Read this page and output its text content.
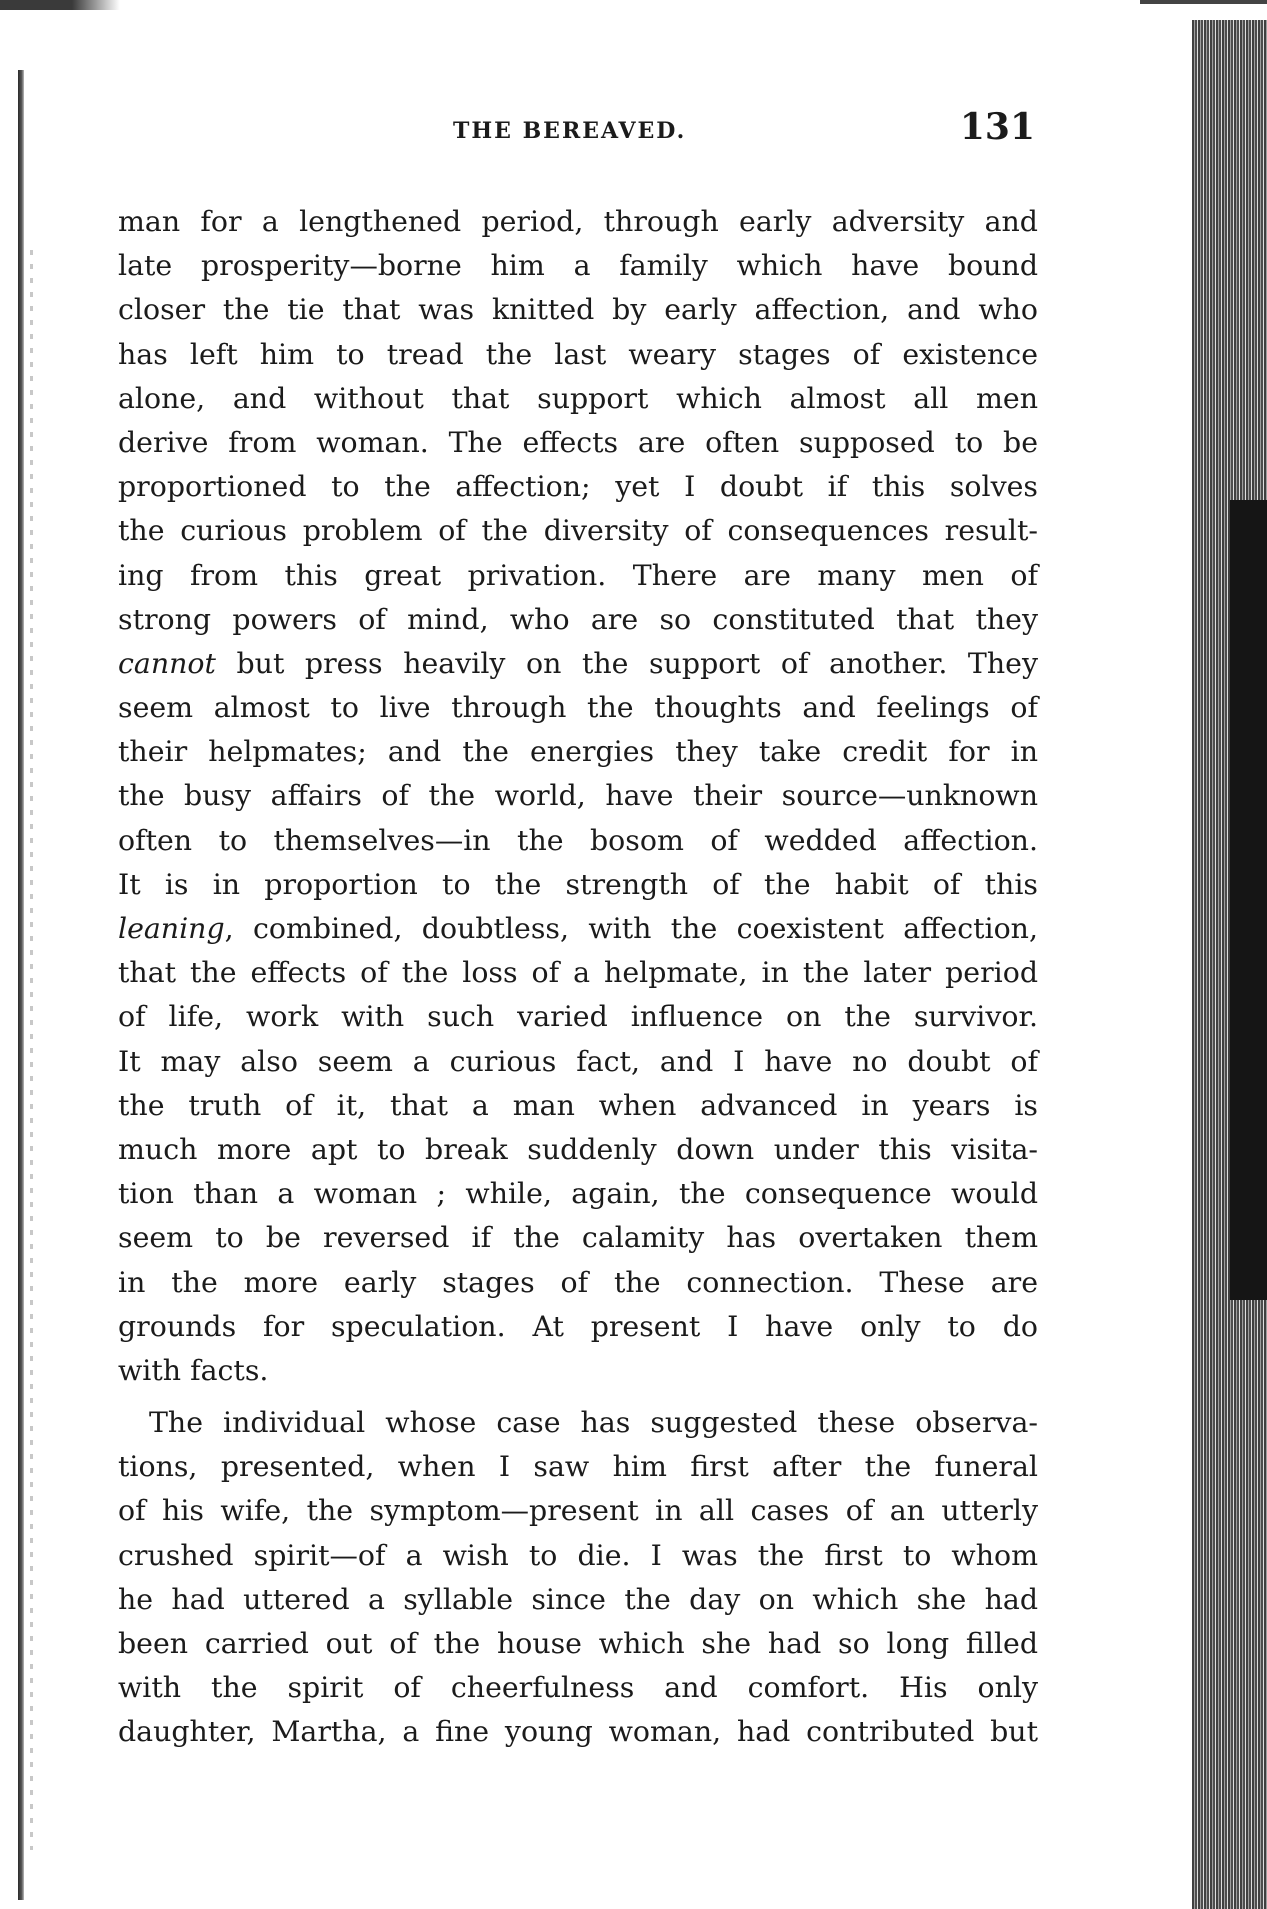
THE BEREAVED.	131
man for a lengthened period, through early adversity and
late prosperity—borne him a family which have bound
closer the tie that was knitted by early affection, and who
has left him to tread the last weary stages of existence
alone, and without that support which almost all men
derive from woman. The effects are often supposed to be
proportioned to the affection; yet I doubt if this solves
the curious problem of the diversity of consequences result-
ing from this great privation. There are many men of
strong powers of mind, who are so constituted that they
cannot but press heavily on the support of another. They
seem almost to live through the thoughts and feelings of
their helpmates; and the energies they take credit for in
the busy affairs of the world, have their source—unknown
often to themselves—in the bosom of wedded affection.
It is in proportion to the strength of the habit of this
leaning, combined, doubtless, with the coexistent affection,
that the effects of the loss of a helpmate, in the later period
of life, work with such varied influence on the survivor.
It may also seem a curious fact, and I have no doubt of
the truth of it, that a man when advanced in years is
much more apt to break suddenly down under this visita-
tion than a woman ; while, again, the consequence would
seem to be reversed if the calamity has overtaken them
in the more early stages of the connection. These are
grounds for speculation. At present I have only to do
with facts.
The individual whose case has suggested these observa-
tions, presented, when I saw him first after the funeral
of his wife, the symptom—present in all cases of an utterly
crushed spirit—of a wish to die. I was the first to whom
he had uttered a syllable since the day on which she had
been carried out of the house which she had so long filled
with the spirit of cheerfulness and comfort. His only
daughter, Martha, a fine young woman, had contributed but
